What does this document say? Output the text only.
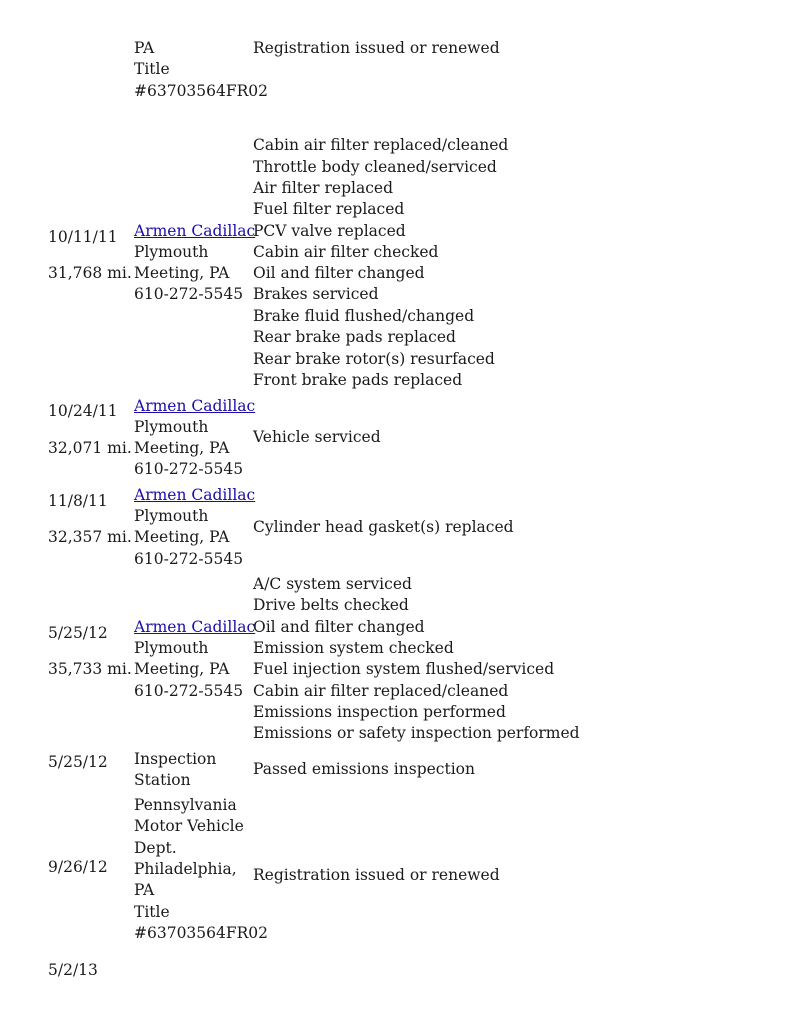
PA
Title
#63703564FR02
Registration issued or renewed
10/11/11
31,768 mi.
Armen Cadillac
Plymouth
Meeting, PA
610-272-5545
Cabin air filter replaced/cleaned
Throttle body cleaned/serviced
Air filter replaced
Fuel filter replaced
PCV valve replaced
Cabin air filter checked
Oil and filter changed
Brakes serviced
Brake fluid flushed/changed
Rear brake pads replaced
Rear brake rotor(s) resurfaced
Front brake pads replaced
10/24/11
32,071 mi.
Armen Cadillac
Plymouth
Meeting, PA
610-272-5545
Vehicle serviced
11/8/11
32,357 mi.
Armen Cadillac
Plymouth
Meeting, PA
610-272-5545
Cylinder head gasket(s) replaced
5/25/12
35,733 mi.
Armen Cadillac
Plymouth
Meeting, PA
610-272-5545
A/C system serviced
Drive belts checked
Oil and filter changed
Emission system checked
Fuel injection system flushed/serviced
Cabin air filter replaced/cleaned
Emissions inspection performed
Emissions or safety inspection performed
5/25/12 Inspection
Station
Passed emissions inspection
9/26/12
Pennsylvania
Motor Vehicle
Dept.
Philadelphia,
PA
Title
#63703564FR02
Registration issued or renewed
5/2/13
